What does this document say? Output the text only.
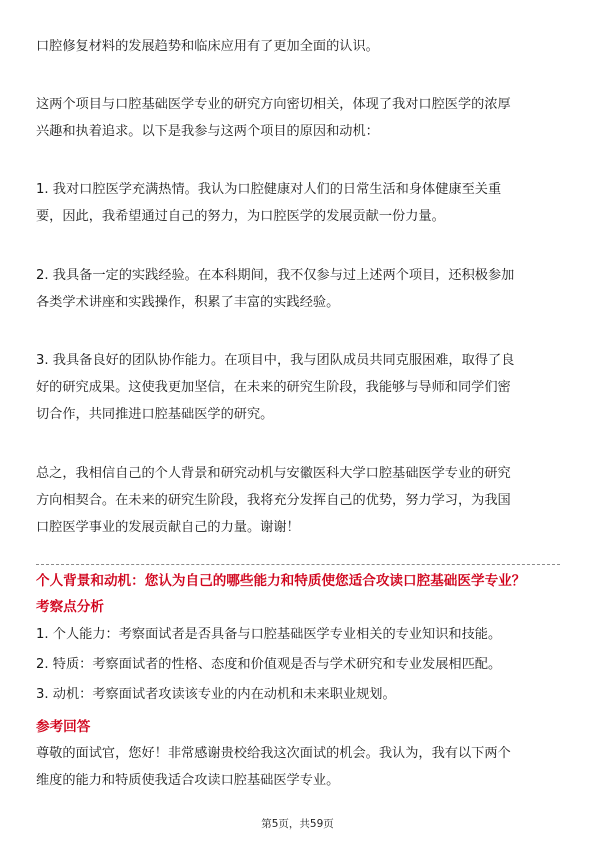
口腔修复材料的发展趋势和临床应用有了更加全面的认识。
这两个项目与口腔基础医学专业的研究方向密切相关，体现了我对口腔医学的浓厚
兴趣和执着追求。以下是我参与这两个项目的原因和动机：
1. 我对口腔医学充满热情。我认为口腔健康对人们的日常生活和身体健康至关重
要，因此，我希望通过自己的努力，为口腔医学的发展贡献一份力量。
2. 我具备一定的实践经验。在本科期间，我不仅参与过上述两个项目，还积极参加
各类学术讲座和实践操作，积累了丰富的实践经验。
3. 我具备良好的团队协作能力。在项目中，我与团队成员共同克服困难，取得了良
好的研究成果。这使我更加坚信，在未来的研究生阶段，我能够与导师和同学们密
切合作，共同推进口腔基础医学的研究。
总之，我相信自己的个人背景和研究动机与安徽医科大学口腔基础医学专业的研究
方向相契合。在未来的研究生阶段，我将充分发挥自己的优势，努力学习，为我国
口腔医学事业的发展贡献自己的力量。谢谢！
个人背景和动机：您认为自己的哪些能力和特质使您适合攻读口腔基础医学专业？
考察点分析
1. 个人能力：考察面试者是否具备与口腔基础医学专业相关的专业知识和技能。
2. 特质：考察面试者的性格、态度和价值观是否与学术研究和专业发展相匹配。
3. 动机：考察面试者攻读该专业的内在动机和未来职业规划。
参考回答
尊敬的面试官，您好！非常感谢贵校给我这次面试的机会。我认为，我有以下两个
维度的能力和特质使我适合攻读口腔基础医学专业。
第5页，共59页
